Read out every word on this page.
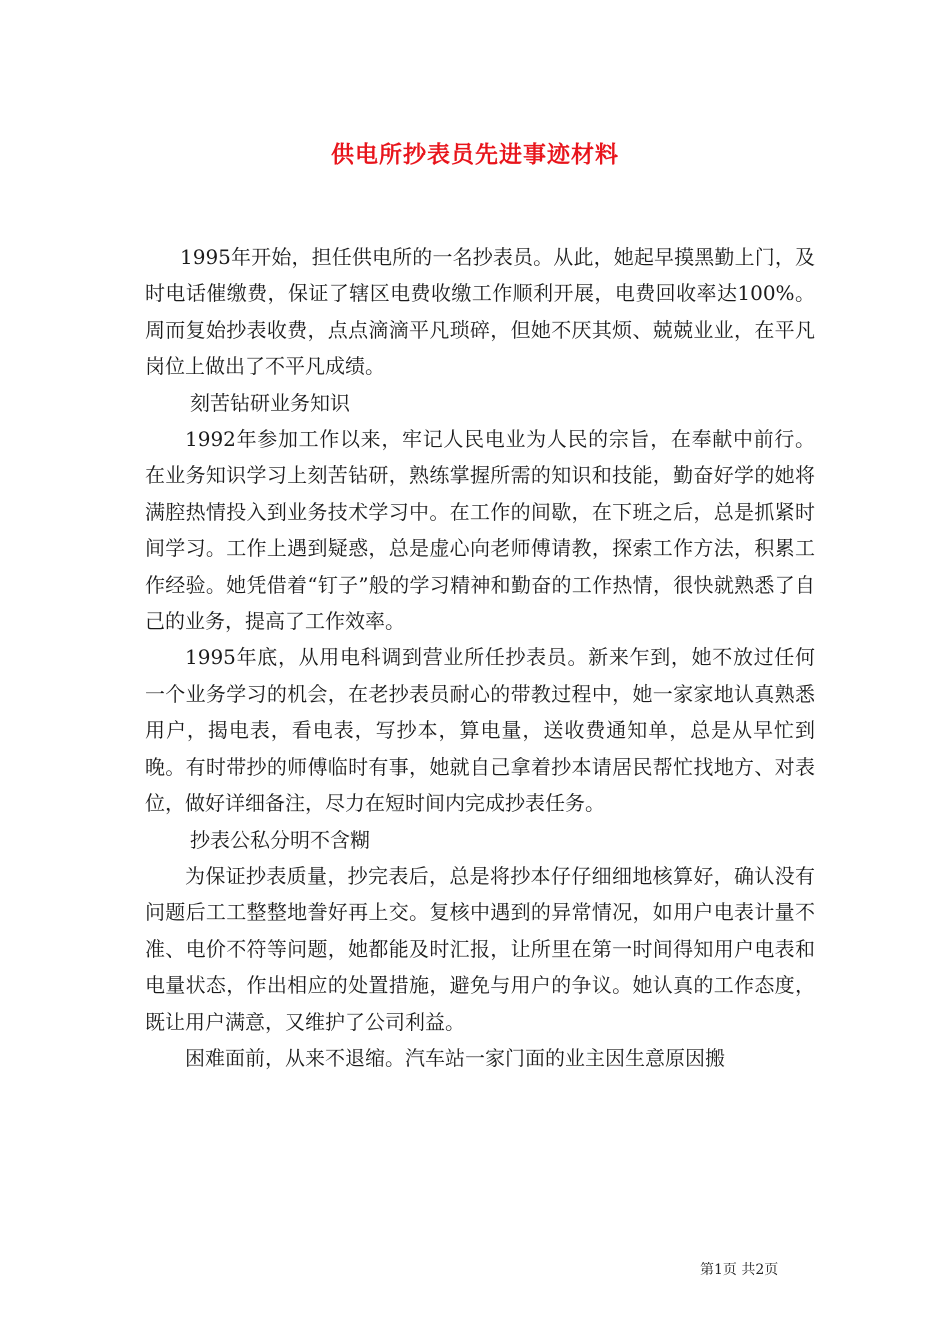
供电所抄表员先进事迹材料

1995年开始，担任供电所的一名抄表员。从此，她起早摸黑勤上门，及时电话催缴费，保证了辖区电费收缴工作顺利开展，电费回收率达100%。周而复始抄表收费，点点滴滴平凡琐碎，但她不厌其烦、兢兢业业，在平凡岗位上做出了不平凡成绩。

刻苦钻研业务知识

1992年参加工作以来，牢记人民电业为人民的宗旨，在奉献中前行。在业务知识学习上刻苦钻研，熟练掌握所需的知识和技能，勤奋好学的她将满腔热情投入到业务技术学习中。在工作的间歇，在下班之后，总是抓紧时间学习。工作上遇到疑惑，总是虚心向老师傅请教，探索工作方法，积累工作经验。她凭借着“钉子”般的学习精神和勤奋的工作热情，很快就熟悉了自己的业务，提高了工作效率。

1995年底，从用电科调到营业所任抄表员。新来乍到，她不放过任何一个业务学习的机会，在老抄表员耐心的带教过程中，她一家家地认真熟悉用户，揭电表，看电表，写抄本，算电量，送收费通知单，总是从早忙到晚。有时带抄的师傅临时有事，她就自己拿着抄本请居民帮忙找地方、对表位，做好详细备注，尽力在短时间内完成抄表任务。

抄表公私分明不含糊

为保证抄表质量，抄完表后，总是将抄本仔仔细细地核算好，确认没有问题后工工整整地誊好再上交。复核中遇到的异常情况，如用户电表计量不准、电价不符等问题，她都能及时汇报，让所里在第一时间得知用户电表和电量状态，作出相应的处置措施，避免与用户的争议。她认真的工作态度，既让用户满意，又维护了公司利益。

困难面前，从来不退缩。汽车站一家门面的业主因生意原因搬

第1页 共2页
